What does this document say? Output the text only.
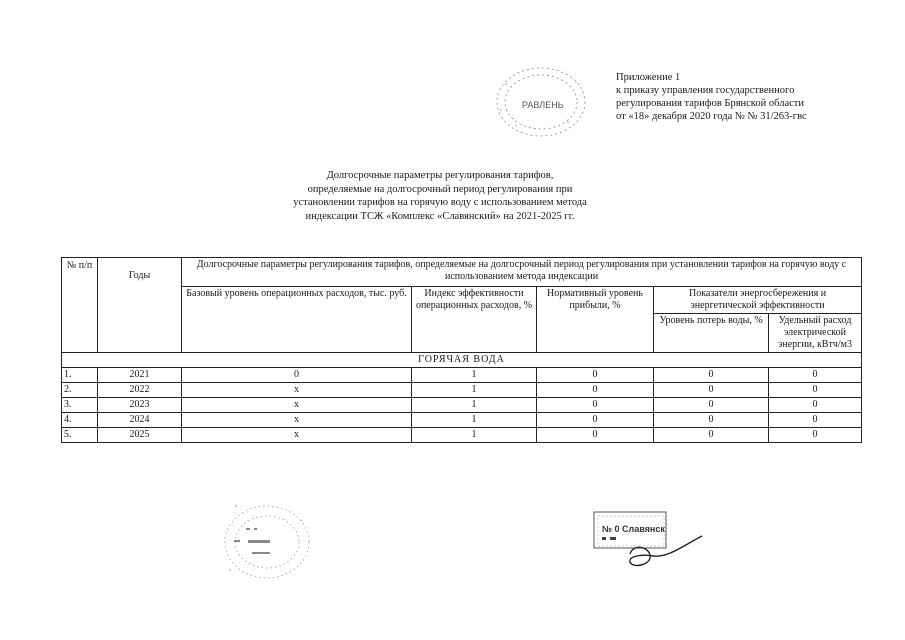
РАВЛЕНЬ
Приложение 1
к приказу управления государственного
регулирования тарифов Брянской области
от «18» декабря 2020 года № № 31/263-гвс
Долгосрочные параметры регулирования тарифов,
определяемые на долгосрочный период регулирования при
установлении тарифов на горячую воду с использованием метода
индексации ТСЖ «Комплекс «Славянский» на 2021-2025 гг.
№ п/п	Годы	Долгосрочные параметры регулирования тарифов, определяемые на долгосрочный период регулирования при установлении тарифов на горячую воду с использованием метода индексации				
		Базовый уровень операционных расходов, тыс. руб.	Индекс эффективности операционных расходов, %	Нормативный уровень прибыли, %	Показатели энергосбережения и энергетической эффективности	
					Уровень потерь воды, %	Удельный расход электрической энергии, кВтч/м3
ГОРЯЧАЯ ВОДА						
1.	2021	0	1	0	0	0
2.	2022	х	1	0	0	0
3.	2023	х	1	0	0	0
4.	2024	х	1	0	0	0
5.	2025	х	1	0	0	0
№ 0 Славянск
